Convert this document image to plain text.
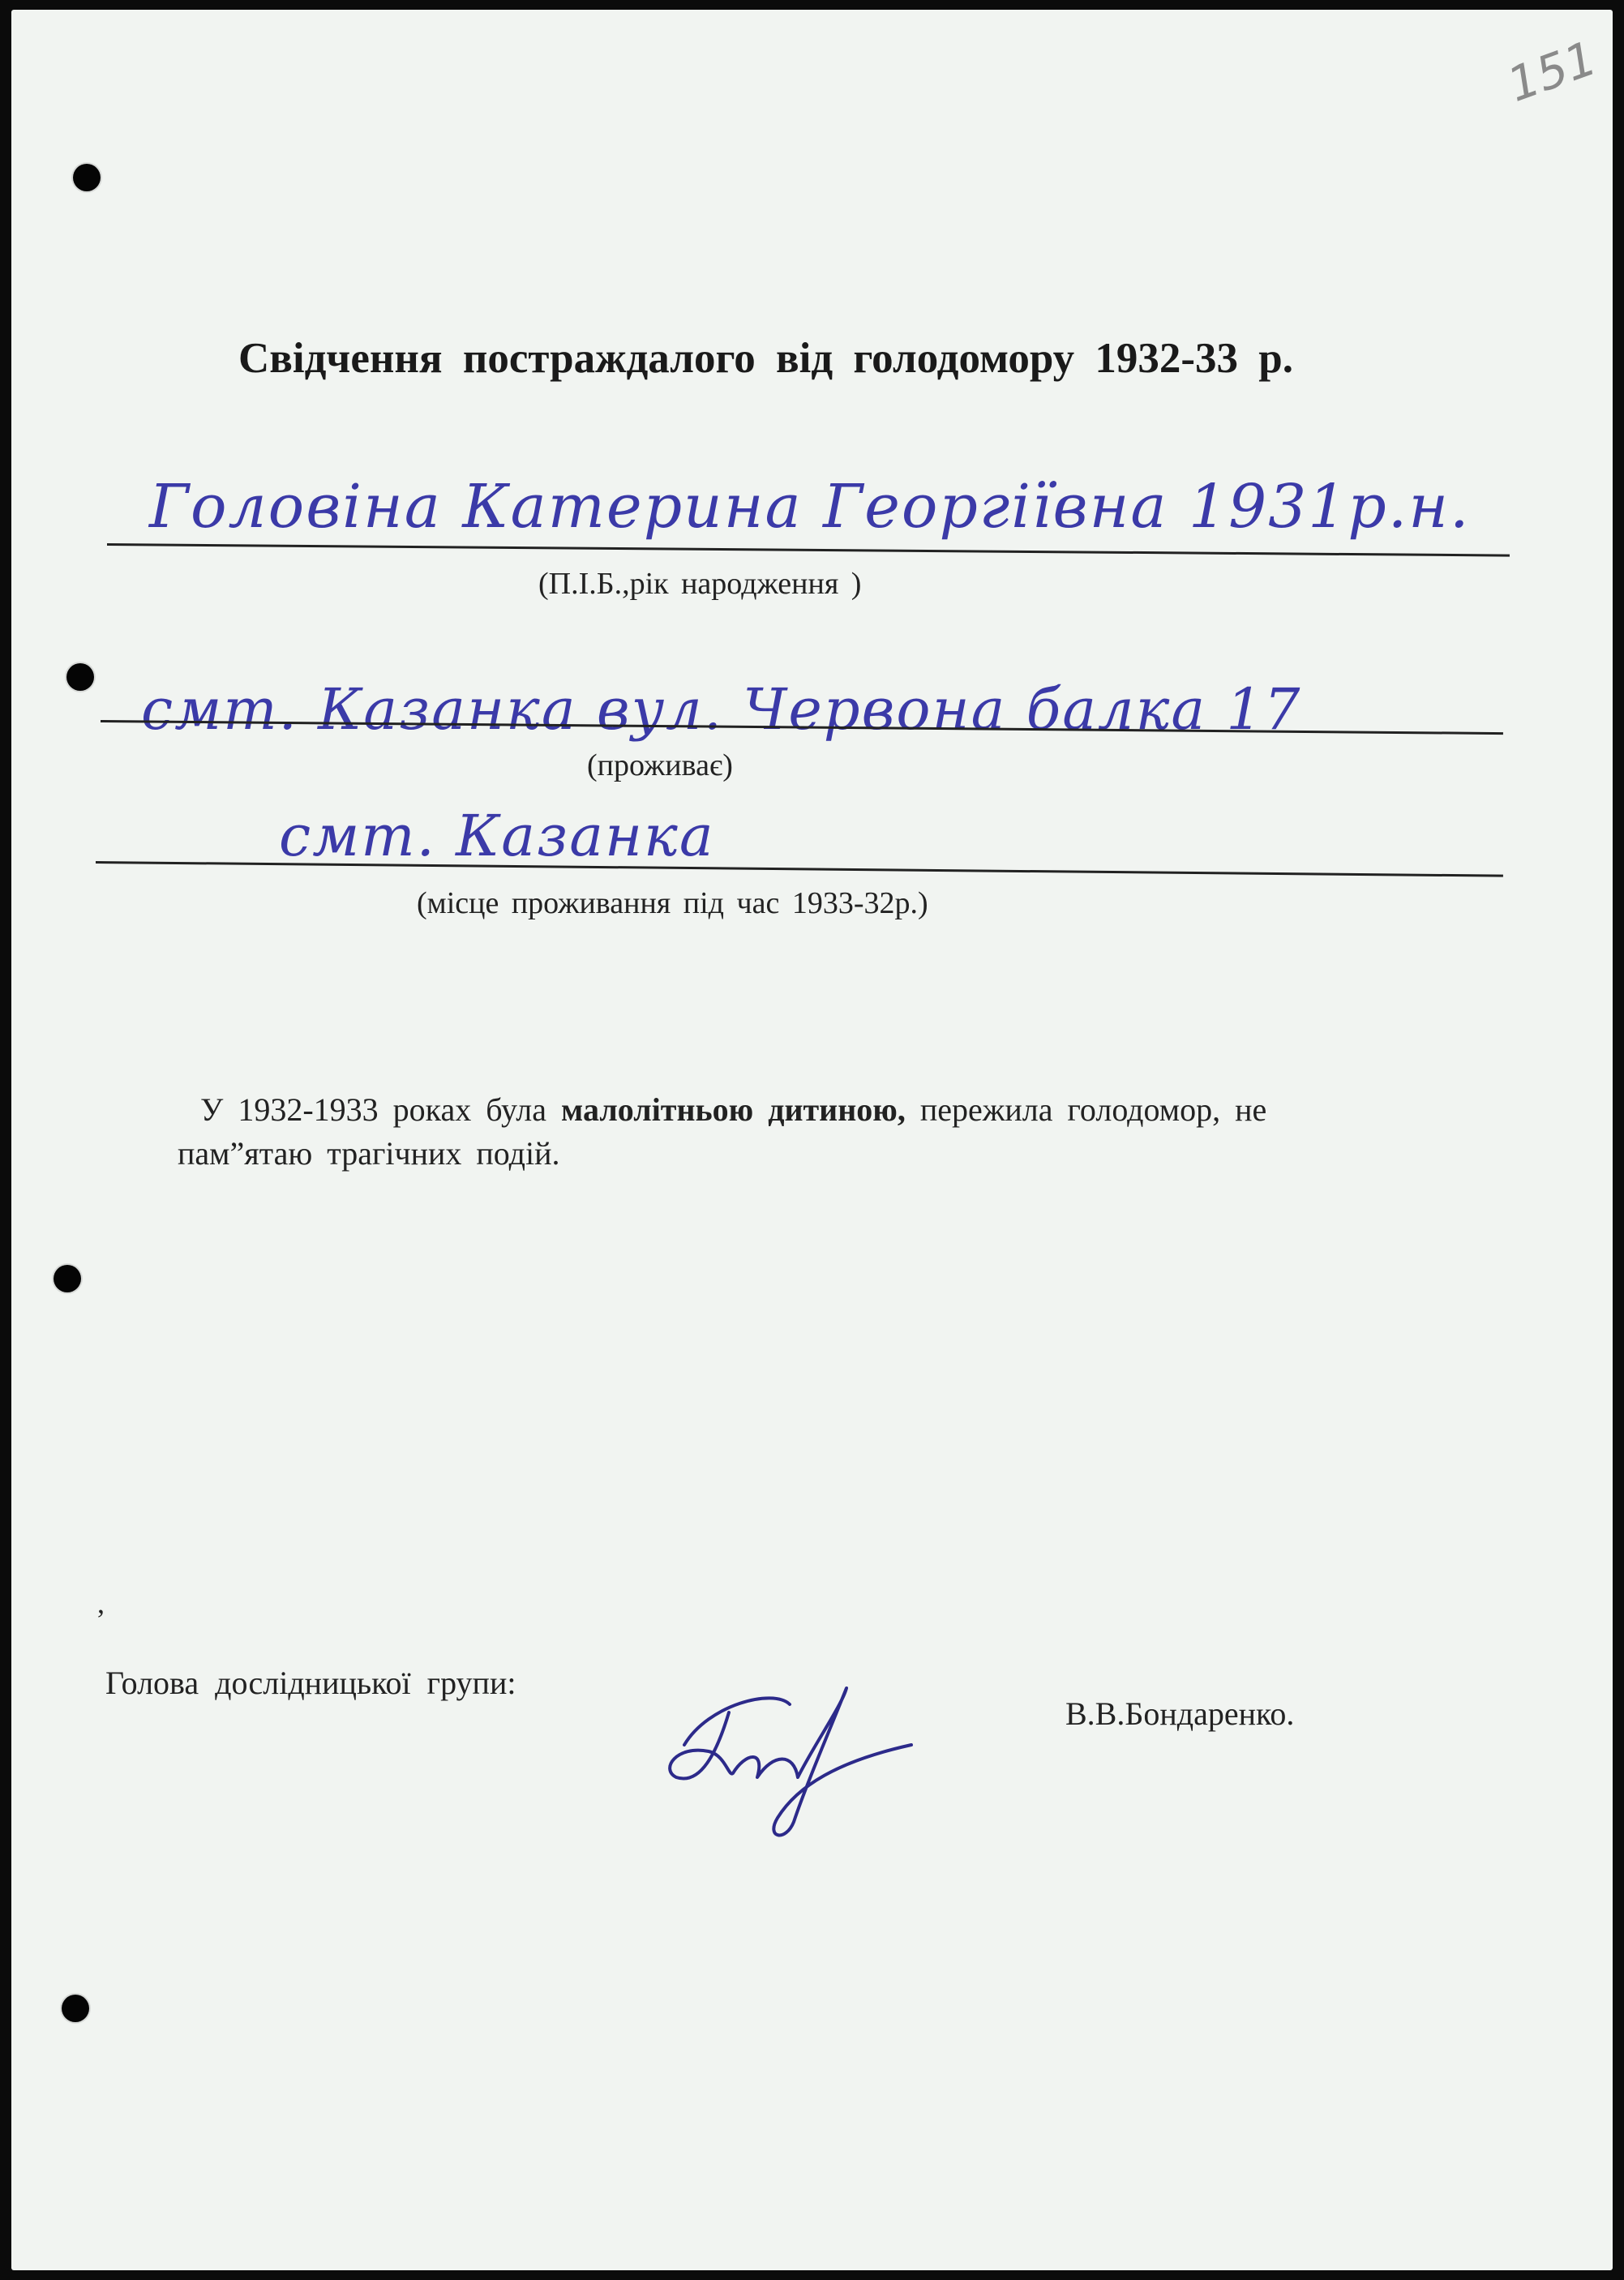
151
Свідчення постраждалого від голодомору 1932-33 р.
Головіна Катерина Георгіївна 1931р.н.
(П.І.Б.,рік народження )
смт. Казанка вул. Червона балка 17
(проживає)
смт. Казанка
(місце проживання під час 1933-32р.)
У 1932-1933 роках була малолітньою дитиною, пережила голодомор, не пам”ятаю трагічних подій.
,
Голова дослідницької групи:
В.В.Бондаренко.
